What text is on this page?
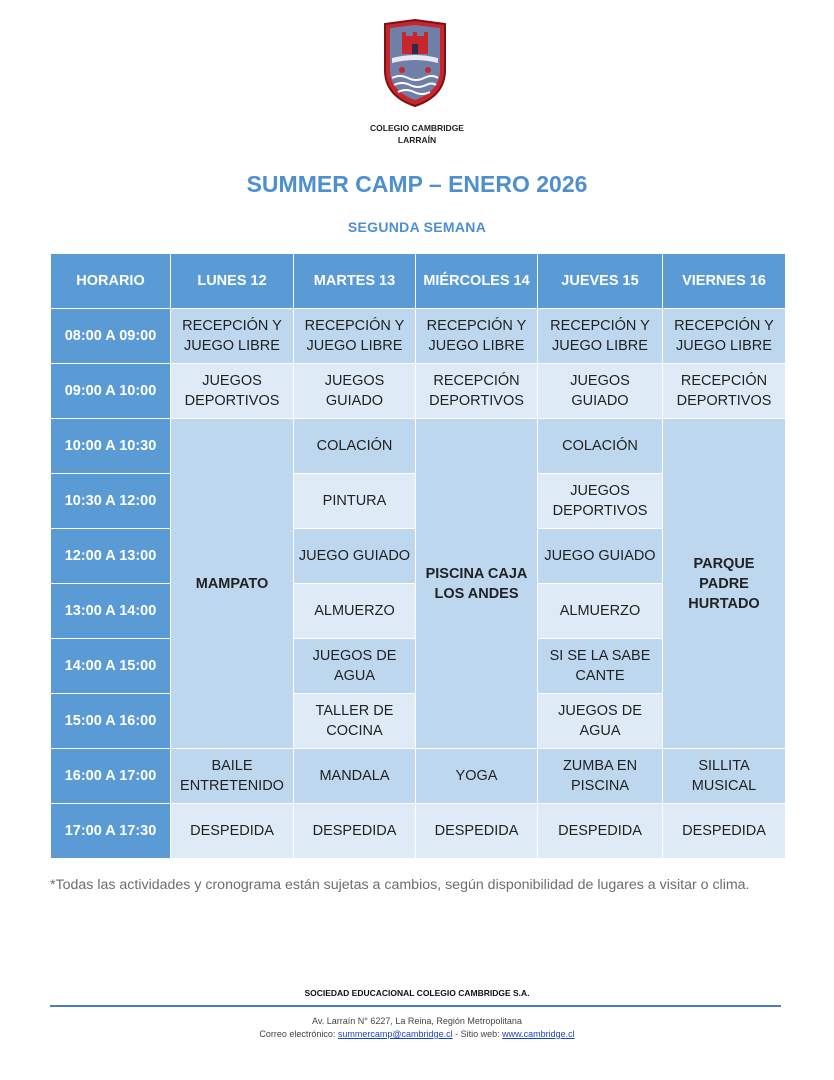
COLEGIO CAMBRIDGE
LARRAÍN
SUMMER CAMP – ENERO 2026
SEGUNDA SEMANA
HORARIO	LUNES 12	MARTES 13	MIÉRCOLES 14	JUEVES 15	VIERNES 16
08:00 A 09:00	RECEPCIÓN Y JUEGO LIBRE	RECEPCIÓN Y JUEGO LIBRE	RECEPCIÓN Y JUEGO LIBRE	RECEPCIÓN Y JUEGO LIBRE	RECEPCIÓN Y JUEGO LIBRE
09:00 A 10:00	JUEGOS DEPORTIVOS	JUEGOS GUIADO	RECEPCIÓN DEPORTIVOS	JUEGOS GUIADO	RECEPCIÓN DEPORTIVOS
10:00 A 10:30	MAMPATO	COLACIÓN	PISCINA CAJA LOS ANDES	COLACIÓN	PARQUE PADRE HURTADO
10:30 A 12:00		PINTURA		JUEGOS DEPORTIVOS	
12:00 A 13:00		JUEGO GUIADO		JUEGO GUIADO	
13:00 A 14:00		ALMUERZO		ALMUERZO	
14:00 A 15:00		JUEGOS DE AGUA		SI SE LA SABE CANTE	
15:00 A 16:00		TALLER DE COCINA		JUEGOS DE AGUA	
16:00 A 17:00	BAILE ENTRETENIDO	MANDALA	YOGA	ZUMBA EN PISCINA	SILLITA MUSICAL
17:00 A 17:30	DESPEDIDA	DESPEDIDA	DESPEDIDA	DESPEDIDA	DESPEDIDA
*Todas las actividades y cronograma están sujetas a cambios, según disponibilidad de lugares a visitar o clima.
SOCIEDAD EDUCACIONAL COLEGIO CAMBRIDGE S.A.
Av. Larraín N° 6227, La Reina, Región Metropolitana
Correo electrónico: summercamp@cambridge.cl - Sitio web: www.cambridge.cl
